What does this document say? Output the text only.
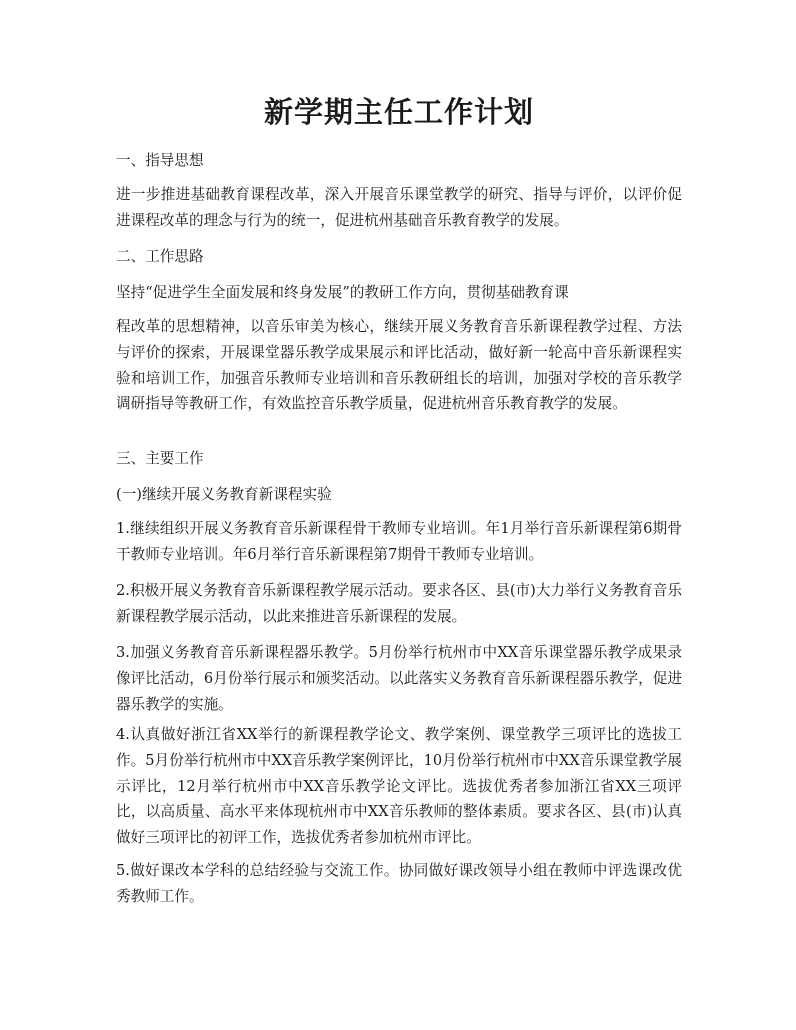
新学期主任工作计划

一、指导思想

进一步推进基础教育课程改革，深入开展音乐课堂教学的研究、指导与评价，以评价促进课程改革的理念与行为的统一，促进杭州基础音乐教育教学的发展。

二、工作思路

坚持“促进学生全面发展和终身发展”的教研工作方向，贯彻基础教育课

程改革的思想精神，以音乐审美为核心，继续开展义务教育音乐新课程教学过程、方法与评价的探索，开展课堂器乐教学成果展示和评比活动，做好新一轮高中音乐新课程实验和培训工作，加强音乐教师专业培训和音乐教研组长的培训，加强对学校的音乐教学调研指导等教研工作，有效监控音乐教学质量，促进杭州音乐教育教学的发展。

三、主要工作

(一)继续开展义务教育新课程实验

1.继续组织开展义务教育音乐新课程骨干教师专业培训。年1月举行音乐新课程第6期骨干教师专业培训。年6月举行音乐新课程第7期骨干教师专业培训。

2.积极开展义务教育音乐新课程教学展示活动。要求各区、县(市)大力举行义务教育音乐新课程教学展示活动，以此来推进音乐新课程的发展。

3.加强义务教育音乐新课程器乐教学。5月份举行杭州市中XX音乐课堂器乐教学成果录像评比活动，6月份举行展示和颁奖活动。以此落实义务教育音乐新课程器乐教学，促进器乐教学的实施。

4.认真做好浙江省XX举行的新课程教学论文、教学案例、课堂教学三项评比的选拔工作。5月份举行杭州市中XX音乐教学案例评比，10月份举行杭州市中XX音乐课堂教学展示评比，12月举行杭州市中XX音乐教学论文评比。选拔优秀者参加浙江省XX三项评比，以高质量、高水平来体现杭州市中XX音乐教师的整体素质。要求各区、县(市)认真做好三项评比的初评工作，选拔优秀者参加杭州市评比。

5.做好课改本学科的总结经验与交流工作。协同做好课改领导小组在教师中评选课改优秀教师工作。
